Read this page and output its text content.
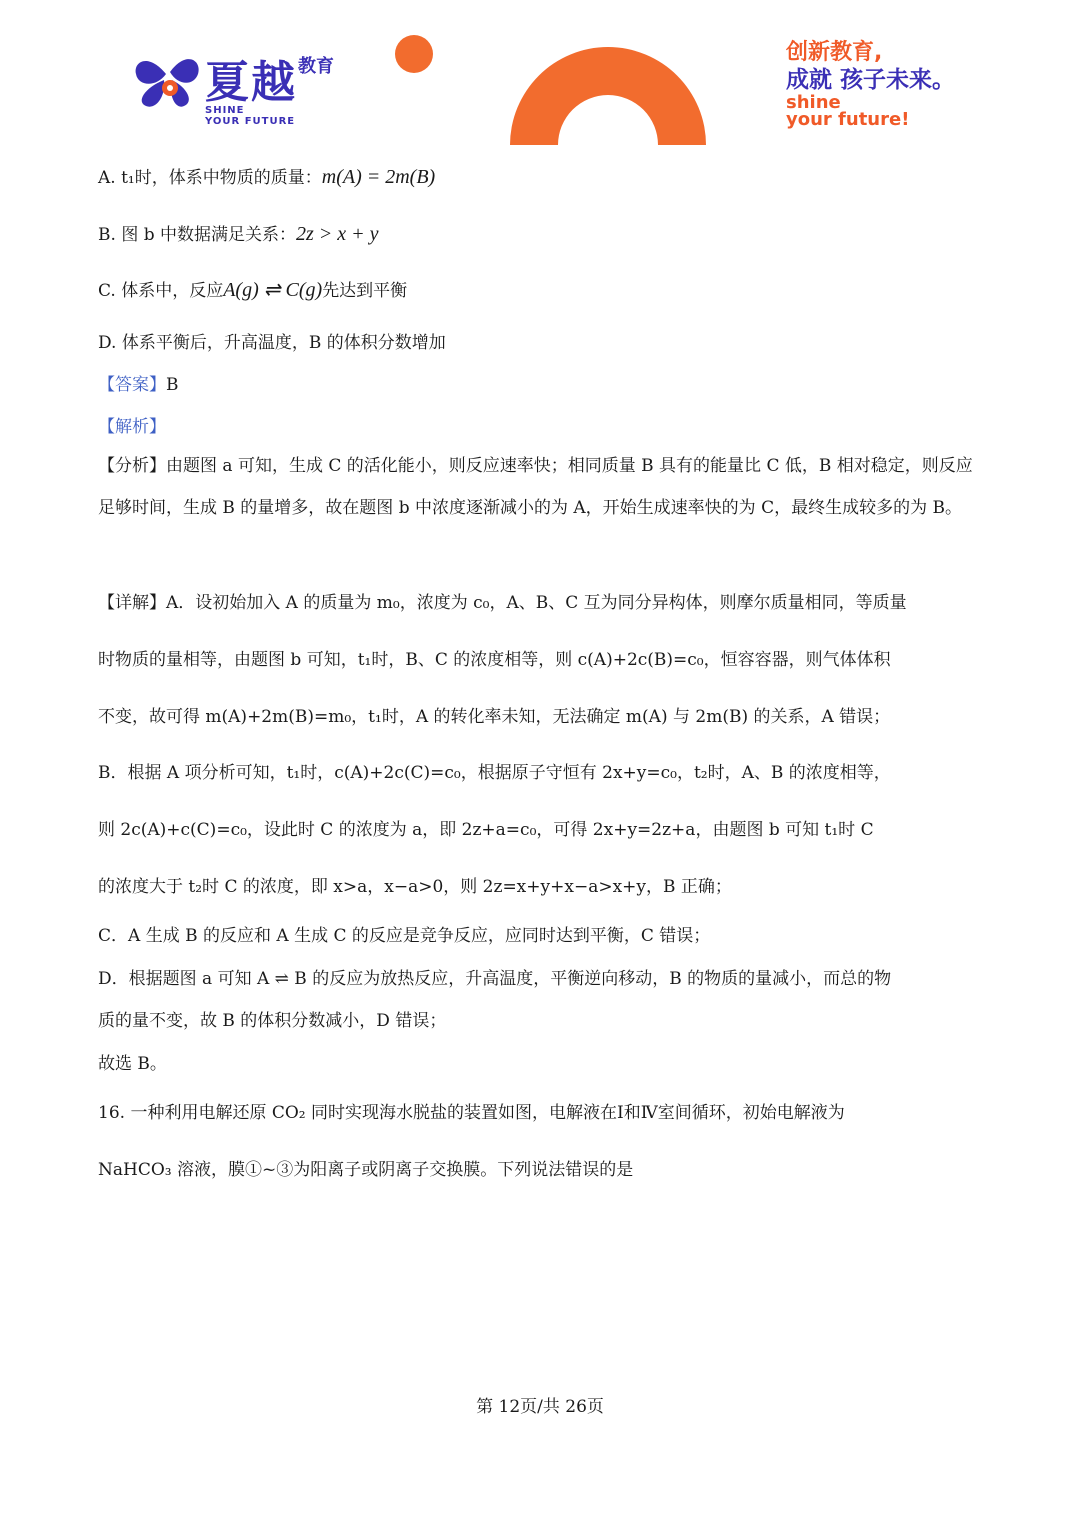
夏越 教育
SHINE
YOUR FUTURE
创新教育,
成就 孩子未来。
shine
your future!
A. t₁时，体系中物质的质量：m(A) = 2m(B)
B. 图 b 中数据满足关系：2z > x + y
C. 体系中，反应A(g) ⇌ C(g)先达到平衡
D. 体系平衡后，升高温度，B 的体积分数增加
【答案】B
【解析】
【分析】由题图 a 可知，生成 C 的活化能小，则反应速率快；相同质量 B 具有的能量比 C 低，B 相对稳定，则反应足够时间，生成 B 的量增多，故在题图 b 中浓度逐渐减小的为 A，开始生成速率快的为 C，最终生成较多的为 B。
【详解】A．设初始加入 A 的质量为 m₀，浓度为 c₀，A、B、C 互为同分异构体，则摩尔质量相同，等质量
时物质的量相等，由题图 b 可知，t₁时，B、C 的浓度相等，则 c(A)+2c(B)=c₀，恒容容器，则气体体积
不变，故可得 m(A)+2m(B)=m₀，t₁时，A 的转化率未知，无法确定 m(A) 与 2m(B) 的关系，A 错误；
B．根据 A 项分析可知，t₁时，c(A)+2c(C)=c₀，根据原子守恒有 2x+y=c₀，t₂时，A、B 的浓度相等，
则 2c(A)+c(C)=c₀，设此时 C 的浓度为 a，即 2z+a=c₀，可得 2x+y=2z+a，由题图 b 可知 t₁时 C
的浓度大于 t₂时 C 的浓度，即 x>a，x−a>0，则 2z=x+y+x−a>x+y，B 正确；
C．A 生成 B 的反应和 A 生成 C 的反应是竞争反应，应同时达到平衡，C 错误；
D．根据题图 a 可知 A ⇌ B 的反应为放热反应，升高温度，平衡逆向移动，B 的物质的量减小，而总的物
质的量不变，故 B 的体积分数减小，D 错误；
故选 B。
16. 一种利用电解还原 CO₂ 同时实现海水脱盐的装置如图，电解液在Ⅰ和Ⅳ室间循环，初始电解液为
NaHCO₃ 溶液，膜①~③为阳离子或阴离子交换膜。下列说法错误的是
第 12页/共 26页
